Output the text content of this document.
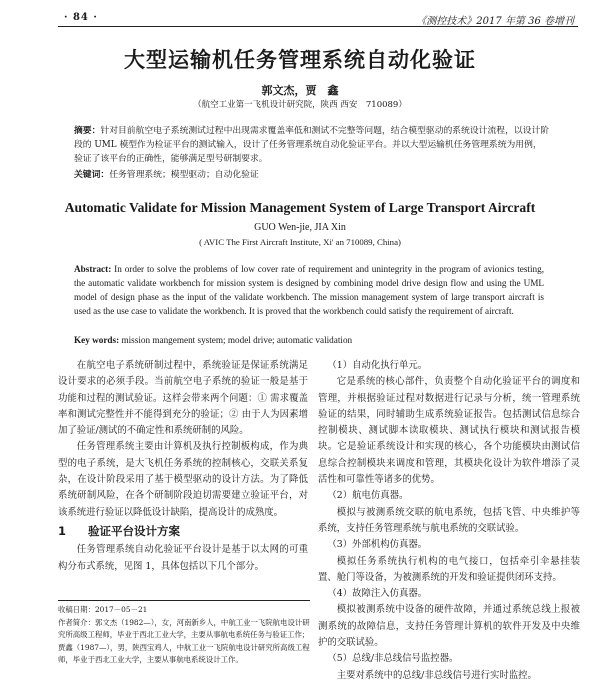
· 84 ·	《测控技术》2017 年第 36 卷增刊
大型运输机任务管理系统自动化验证
郭文杰，贾　鑫
（航空工业第一飞机设计研究院，陕西 西安　710089）
摘要：针对目前航空电子系统测试过程中出现需求覆盖率低和测试不完整等问题，结合模型驱动的系统设计流程，以设计阶段的 UML 模型作为检证平台的测试输入，设计了任务管理系统自动化验证平台。并以大型运输机任务管理系统为用例，验证了该平台的正确性，能够满足型号研制要求。
关键词：任务管理系统；模型驱动；自动化验证
Automatic Validate for Mission Management System of Large Transport Aircraft
GUO Wen-jie, JIA Xin
( AVIC The First Aircraft Institute, Xi' an 710089, China)
Abstract: In order to solve the problems of low cover rate of requirement and unintegrity in the program of avionics testing, the automatic validate workbench for mission system is designed by combining model drive design flow and using the UML model of design phase as the input of the validate workbench. The mission management system of large transport aircraft is used as the use case to validate the workbench. It is proved that the workbench could satisfy the requirement of aircraft.
Key words: mission mangement system; model drive; automatic validation

在航空电子系统研制过程中，系统验证是保证系统满足设计要求的必须手段。当前航空电子系统的验证一般是基于功能和过程的测试验证。这样会带来两个问题：① 需求覆盖率和测试完整性并不能得到充分的验证；② 由于人为因素增加了验证/测试的不确定性和系统研制的风险。

任务管理系统主要由计算机及执行控制板构成，作为典型的电子系统，是大飞机任务系统的控制核心，交联关系复杂，在设计阶段采用了基于模型驱动的设计方法。为了降低系统研制风险，在各个研制阶段迫切需要建立验证平台，对该系统进行验证以降低设计缺陷，提高设计的成熟度。

1 验证平台设计方案

任务管理系统自动化验证平台设计是基于以太网的可重构分布式系统，见图 1，具体包括以下几个部分。

（1）自动化执行单元。

它是系统的核心部件，负责整个自动化验证平台的调度和管理，并根据验证过程对数据进行记录与分析，统一管理系统验证的结果，同时辅助生成系统验证报告。包括测试信息综合控制模块、测试脚本读取模块、测试执行模块和测试报告模块。它是验证系统设计和实现的核心，各个功能模块由测试信息综合控制模块来调度和管理，其模块化设计为软件增添了灵活性和可靠性等诸多的优势。

（2）航电仿真器。

模拟与被测系统交联的航电系统，包括飞管、中央维护等系统，支持任务管理系统与航电系统的交联试验。

（3）外部机构仿真器。

模拟任务系统执行机构的电气接口，包括牵引伞悬挂装置、舱门等设备，为被测系统的开发和验证提供闭环支持。

（4）故障注入仿真器。

模拟被测系统中设备的硬件故障，并通过系统总线上报被测系统的故障信息，支持任务管理计算机的软件开发及中央维护的交联试验。

（5）总线/非总线信号监控器。

主要对系统中的总线/非总线信号进行实时监控。

收稿日期：2017－05－21
作者简介：郭文杰（1982—），女，河南新乡人，中航工业一飞院航电设计研究所高级工程师，毕业于西北工业大学，主要从事航电系统任务与验证工作；贾鑫（1987—），男，陕西宝鸡人，中航工业一飞院航电设计研究所高级工程师，毕业于西北工业大学，主要从事航电系统设计工作。
